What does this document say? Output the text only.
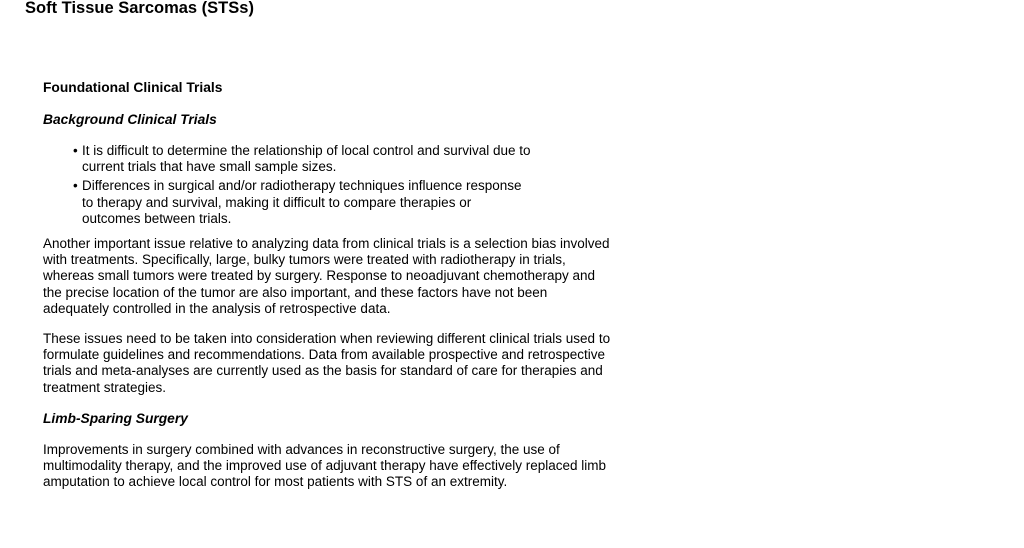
Soft Tissue Sarcomas (STSs)

Foundational Clinical Trials

Background Clinical Trials

• It is difficult to determine the relationship of local control and survival due to current trials that have small sample sizes.
• Differences in surgical and/or radiotherapy techniques influence response to therapy and survival, making it difficult to compare therapies or outcomes between trials.

Another important issue relative to analyzing data from clinical trials is a selection bias involved with treatments. Specifically, large, bulky tumors were treated with radiotherapy in trials, whereas small tumors were treated by surgery. Response to neoadjuvant chemotherapy and the precise location of the tumor are also important, and these factors have not been adequately controlled in the analysis of retrospective data.

These issues need to be taken into consideration when reviewing different clinical trials used to formulate guidelines and recommendations. Data from available prospective and retrospective trials and meta-analyses are currently used as the basis for standard of care for therapies and treatment strategies.

Limb-Sparing Surgery

Improvements in surgery combined with advances in reconstructive surgery, the use of multimodality therapy, and the improved use of adjuvant therapy have effectively replaced limb amputation to achieve local control for most patients with STS of an extremity.
